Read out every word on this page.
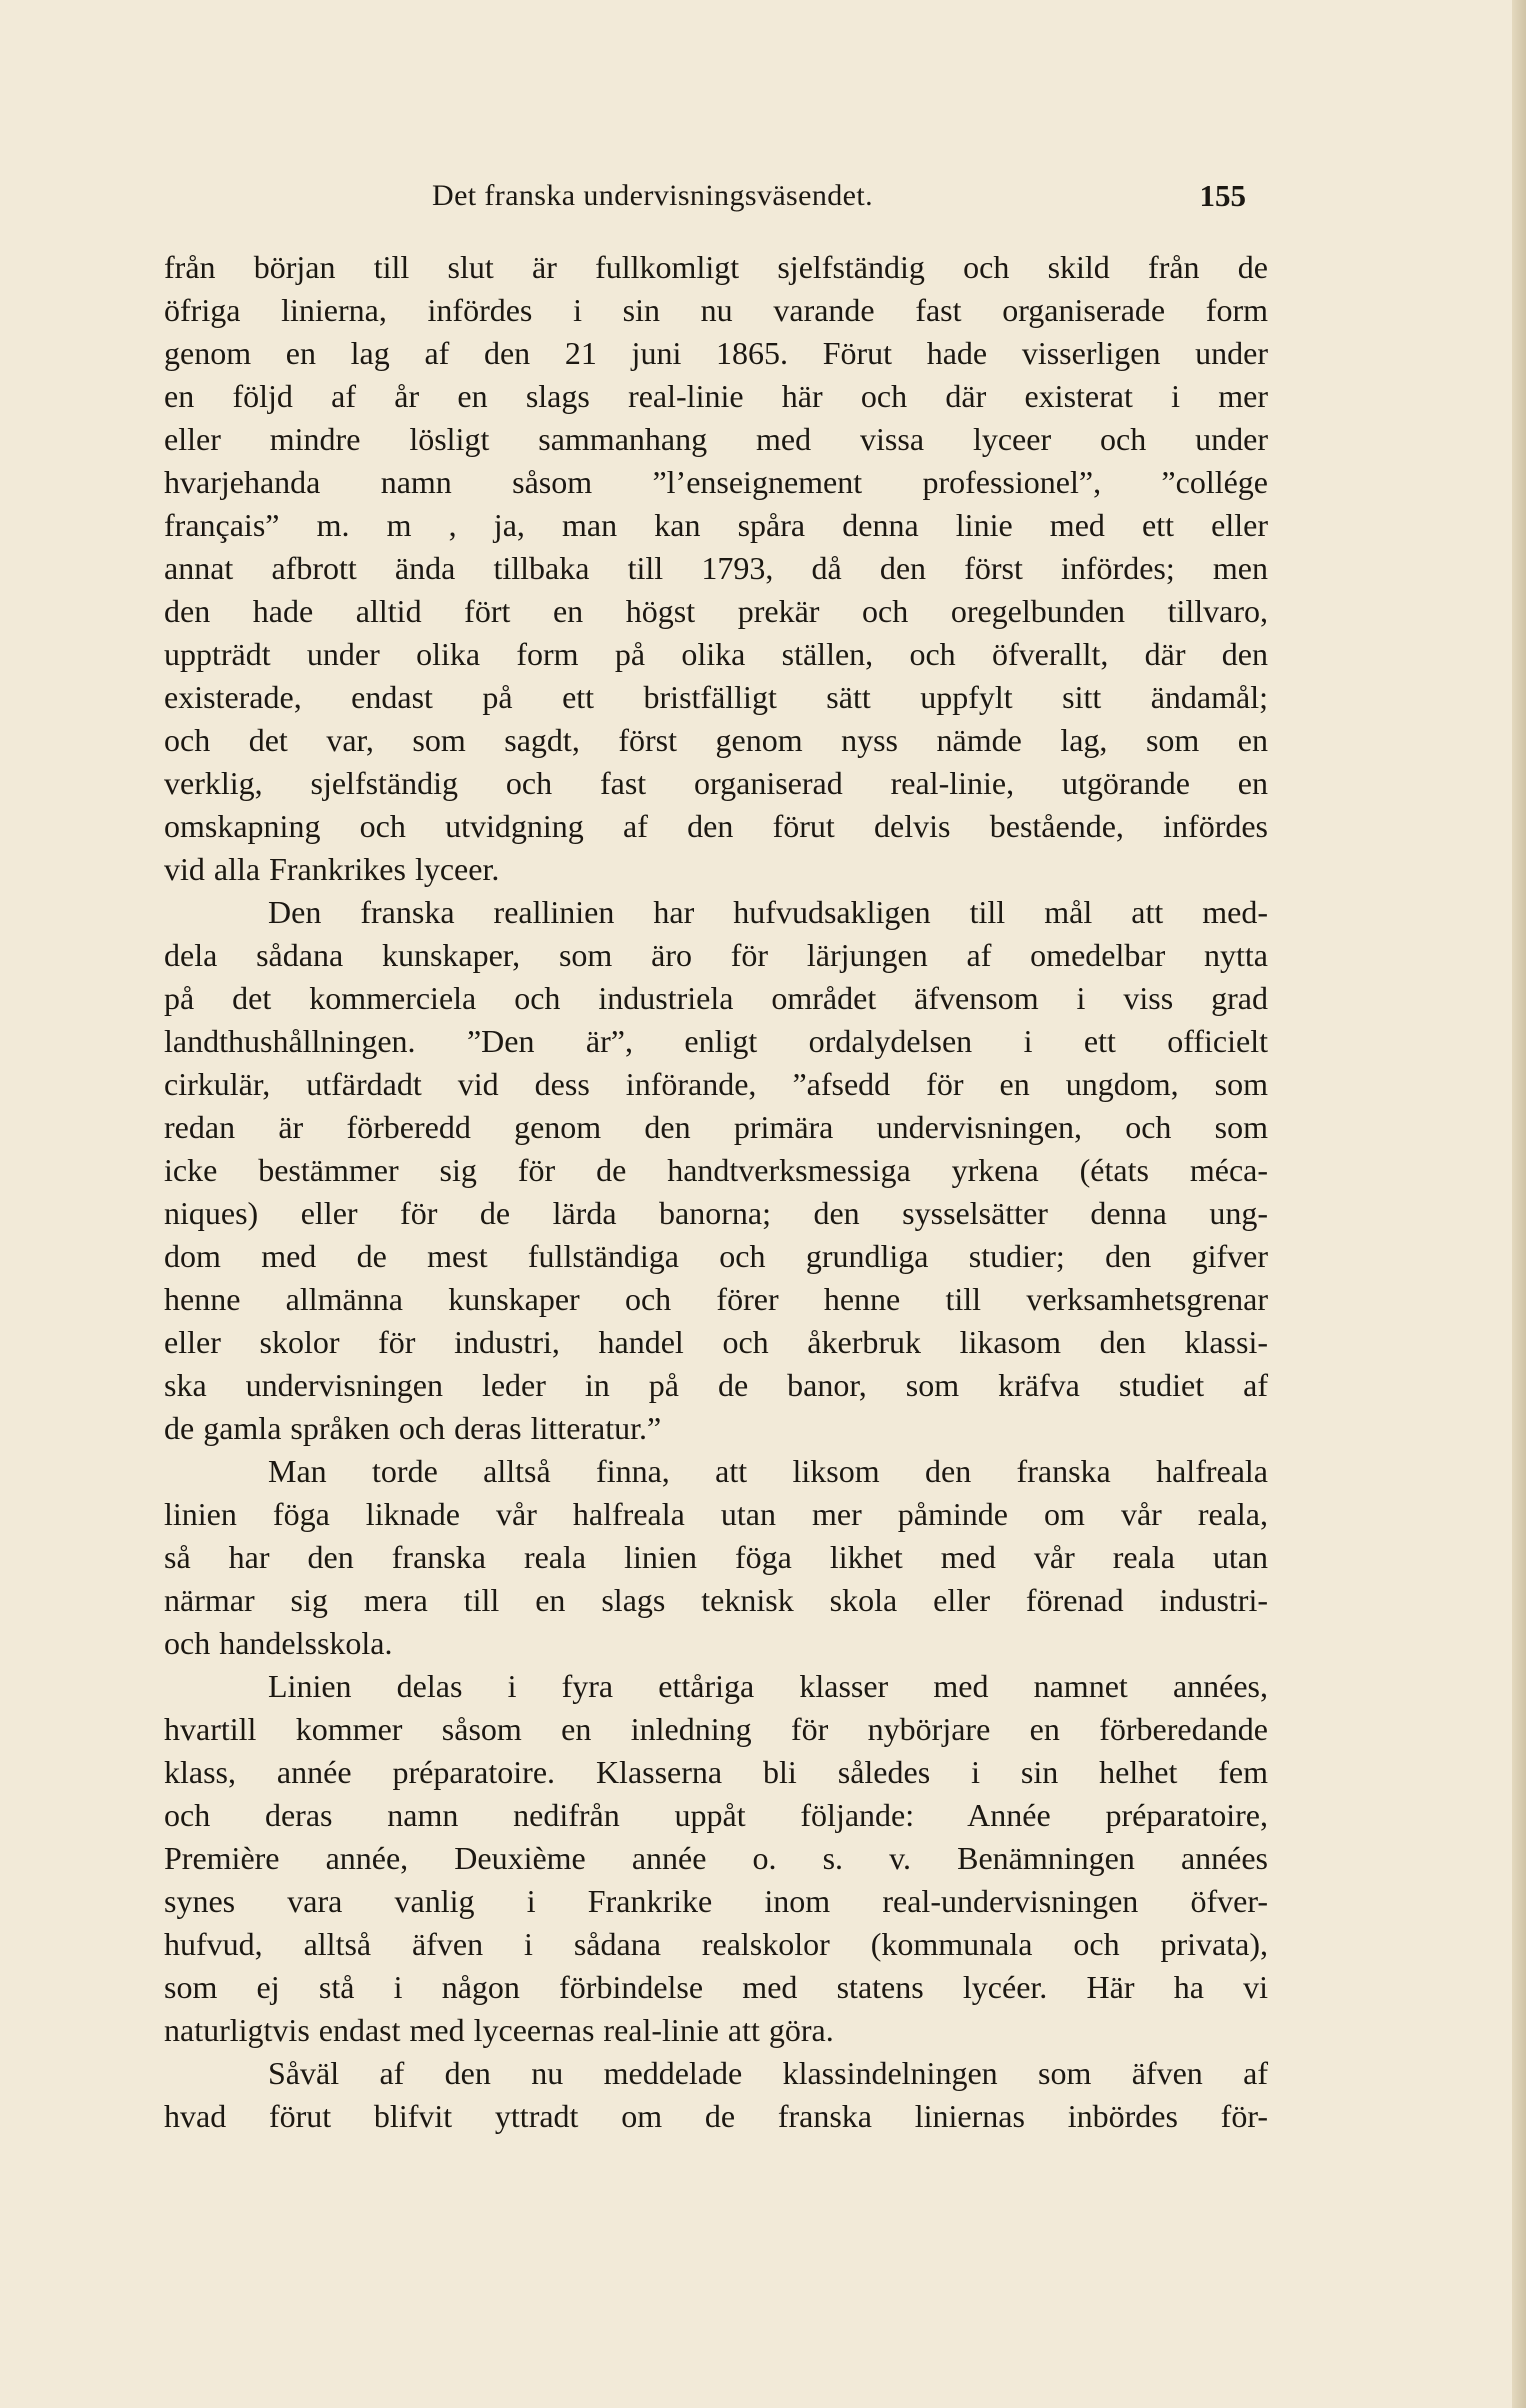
Det franska undervisningsväsendet.	155
från början till slut är fullkomligt sjelfständig och skild från de
öfriga linierna, infördes i sin nu varande fast organiserade form
genom en lag af den 21 juni 1865. Förut hade visserligen under
en följd af år en slags real-linie här och där existerat i mer
eller mindre lösligt sammanhang med vissa lyceer och under
hvarjehanda namn såsom ”l’enseignement professionel”, ”collége
français” m. m , ja, man kan spåra denna linie med ett eller
annat afbrott ända tillbaka till 1793, då den först infördes; men
den hade alltid fört en högst prekär och oregelbunden tillvaro,
uppträdt under olika form på olika ställen, och öfverallt, där den
existerade, endast på ett bristfälligt sätt uppfylt sitt ändamål;
och det var, som sagdt, först genom nyss nämde lag, som en
verklig, sjelfständig och fast organiserad real-linie, utgörande en
omskapning och utvidgning af den förut delvis bestående, infördes
vid alla Frankrikes lyceer.
Den franska reallinien har hufvudsakligen till mål att med-
dela sådana kunskaper, som äro för lärjungen af omedelbar nytta
på det kommerciela och industriela området äfvensom i viss grad
landthushållningen. ”Den är”, enligt ordalydelsen i ett officielt
cirkulär, utfärdadt vid dess införande, ”afsedd för en ungdom, som
redan är förberedd genom den primära undervisningen, och som
icke bestämmer sig för de handtverksmessiga yrkena (états méca-
niques) eller för de lärda banorna; den sysselsätter denna ung-
dom med de mest fullständiga och grundliga studier; den gifver
henne allmänna kunskaper och förer henne till verksamhetsgrenar
eller skolor för industri, handel och åkerbruk likasom den klassi-
ska undervisningen leder in på de banor, som kräfva studiet af
de gamla språken och deras litteratur.”
Man torde alltså finna, att liksom den franska halfreala
linien föga liknade vår halfreala utan mer påminde om vår reala,
så har den franska reala linien föga likhet med vår reala utan
närmar sig mera till en slags teknisk skola eller förenad industri-
och handelsskola.
Linien delas i fyra ettåriga klasser med namnet années,
hvartill kommer såsom en inledning för nybörjare en förberedande
klass, année préparatoire. Klasserna bli således i sin helhet fem
och deras namn nedifrån uppåt följande: Année préparatoire,
Première année, Deuxième année o. s. v. Benämningen années
synes vara vanlig i Frankrike inom real-undervisningen öfver-
hufvud, alltså äfven i sådana realskolor (kommunala och privata),
som ej stå i någon förbindelse med statens lycéer. Här ha vi
naturligtvis endast med lyceernas real-linie att göra.
Såväl af den nu meddelade klassindelningen som äfven af
hvad förut blifvit yttradt om de franska liniernas inbördes för-
